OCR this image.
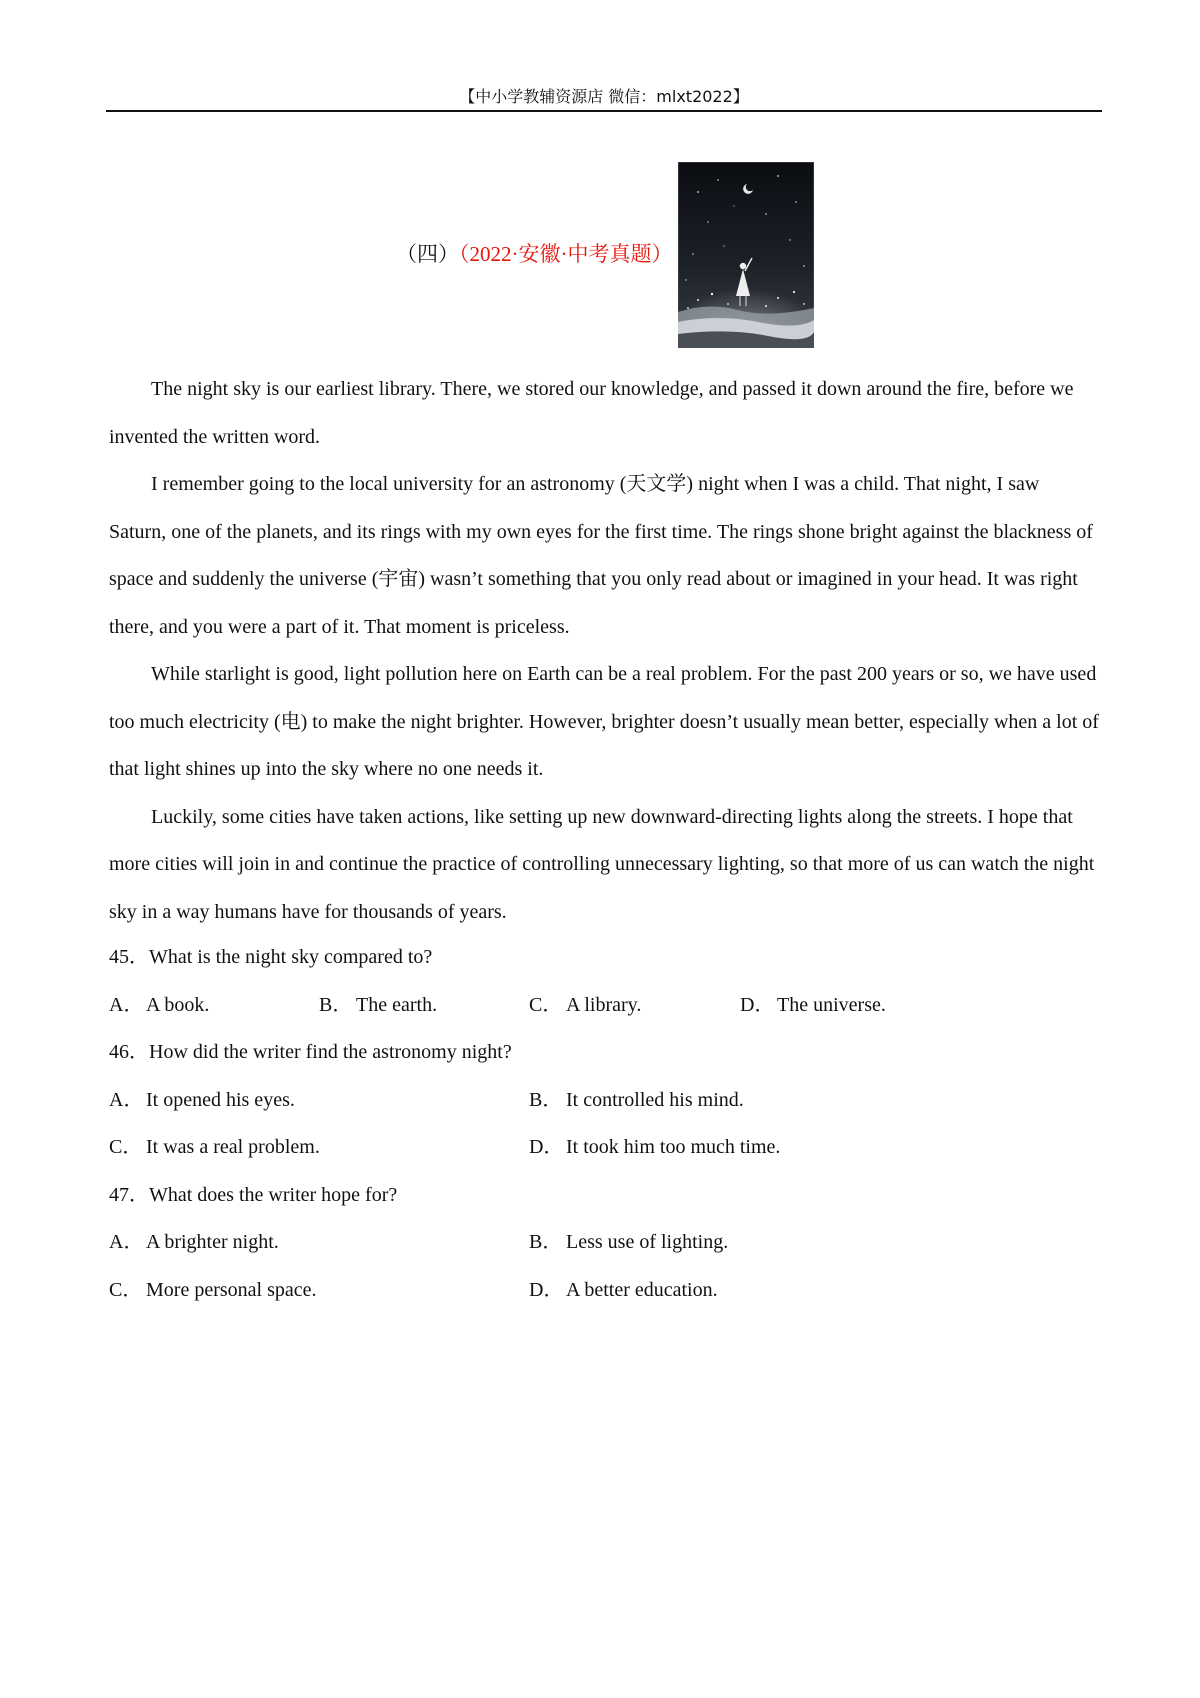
【中小学教辅资源店 微信：mlxt2022】
（四）（2022·安徽·中考真题）

The night sky is our earliest library. There, we stored our knowledge, and passed it down around the fire, before we invented the written word.

I remember going to the local university for an astronomy (天文学) night when I was a child. That night, I saw Saturn, one of the planets, and its rings with my own eyes for the first time. The rings shone bright against the blackness of space and suddenly the universe (宇宙) wasn’t something that you only read about or imagined in your head. It was right there, and you were a part of it. That moment is priceless.

While starlight is good, light pollution here on Earth can be a real problem. For the past 200 years or so, we have used too much electricity (电) to make the night brighter. However, brighter doesn’t usually mean better, especially when a lot of that light shines up into the sky where no one needs it.

Luckily, some cities have taken actions, like setting up new downward-directing lights along the streets. I hope that more cities will join in and continue the practice of controlling unnecessary lighting, so that more of us can watch the night sky in a way humans have for thousands of years.

45．What is the night sky compared to?
A． A book.	B． The earth.	C． A library.	D． The universe.
46．How did the writer find the astronomy night?
A． It opened his eyes.	B． It controlled his mind.
C． It was a real problem.	D． It took him too much time.
47．What does the writer hope for?
A． A brighter night.	B． Less use of lighting.
C． More personal space.	D． A better education.
